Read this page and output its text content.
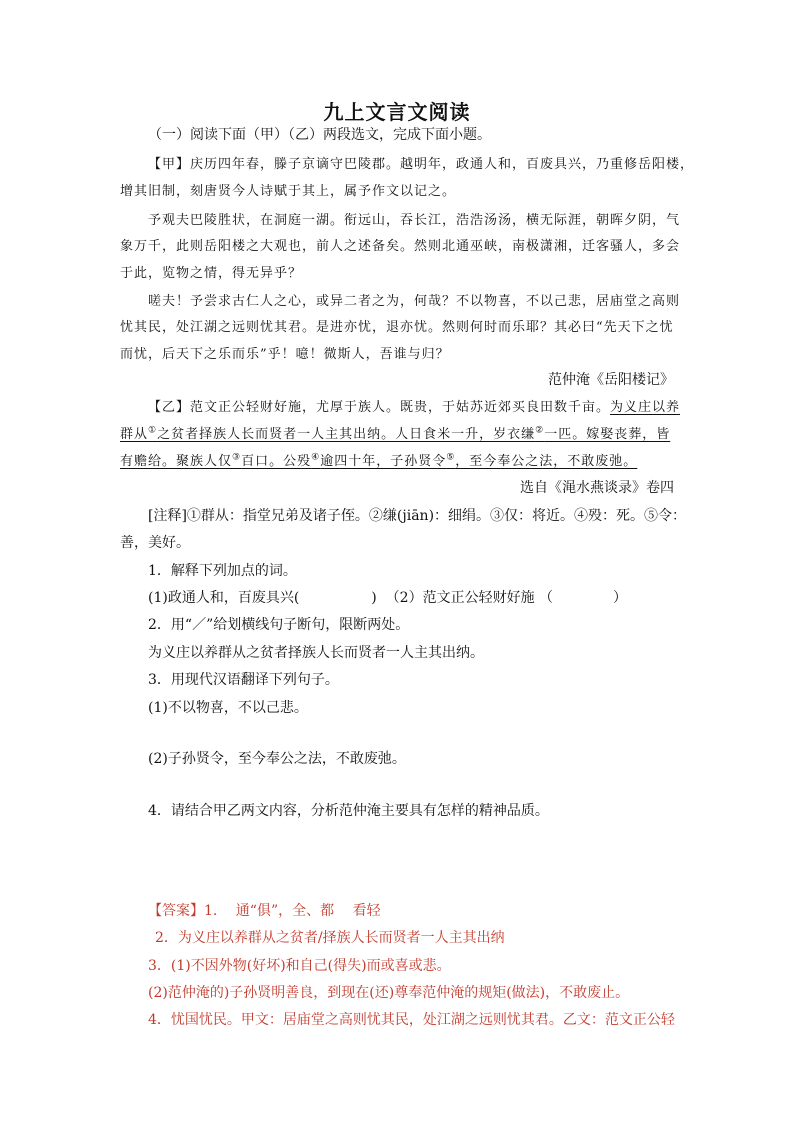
九上文言文阅读
（一）阅读下面（甲）（乙）两段选文，完成下面小题。
【甲】庆历四年春，滕子京谪守巴陵郡。越明年，政通人和，百废具兴，乃重修岳阳楼，
增其旧制，刻唐贤今人诗赋于其上，属予作文以记之。
予观夫巴陵胜状，在洞庭一湖。衔远山，吞长江，浩浩汤汤，横无际涯，朝晖夕阴，气
象万千，此则岳阳楼之大观也，前人之述备矣。然则北通巫峡，南极潇湘，迁客骚人，多会
于此，览物之情，得无异乎？
嗟夫！予尝求古仁人之心，或异二者之为，何哉？不以物喜，不以己悲，居庙堂之高则
忧其民，处江湖之远则忧其君。是进亦忧，退亦忧。然则何时而乐耶？其必曰“先天下之忧
而忧，后天下之乐而乐”乎！噫！微斯人，吾谁与归？
范仲淹《岳阳楼记》
【乙】范文正公轻财好施，尤厚于族人。既贵，于姑苏近郊买良田数千亩。为义庄以养
群从①之贫者择族人长而贤者一人主其出纳。人日食米一升，岁衣缣②一匹。嫁娶丧葬，皆
有赡给。聚族人仅③百口。公殁④逾四十年，子孙贤令⑤，至今奉公之法，不敢废弛。
选自《渑水燕谈录》卷四
[注释]①群从：指堂兄弟及诸子侄。②缣(jiān)：细绢。③仅：将近。④殁：死。⑤令：
善，美好。
1．解释下列加点的词。
(1)政通人和，百废具兴(	) （2）范文正公轻财好施 （	）
2．用“／”给划横线句子断句，限断两处。
为义庄以养群从之贫者择族人长而贤者一人主其出纳。
3．用现代汉语翻译下列句子。
(1)不以物喜，不以己悲。
(2)子孙贤令，至今奉公之法，不敢废弛。
4．请结合甲乙两文内容，分析范仲淹主要具有怎样的精神品质。
【答案】1.　 通“俱”，全、都　 看轻
2．为义庄以养群从之贫者/择族人长而贤者一人主其出纳
3．(1)不因外物(好坏)和自己(得失)而或喜或悲。
(2)范仲淹的)子孙贤明善良，到现在(还)尊奉范仲淹的规矩(做法)，不敢废止。
4．忧国忧民。甲文：居庙堂之高则忧其民，处江湖之远则忧其君。乙文：范文正公轻
